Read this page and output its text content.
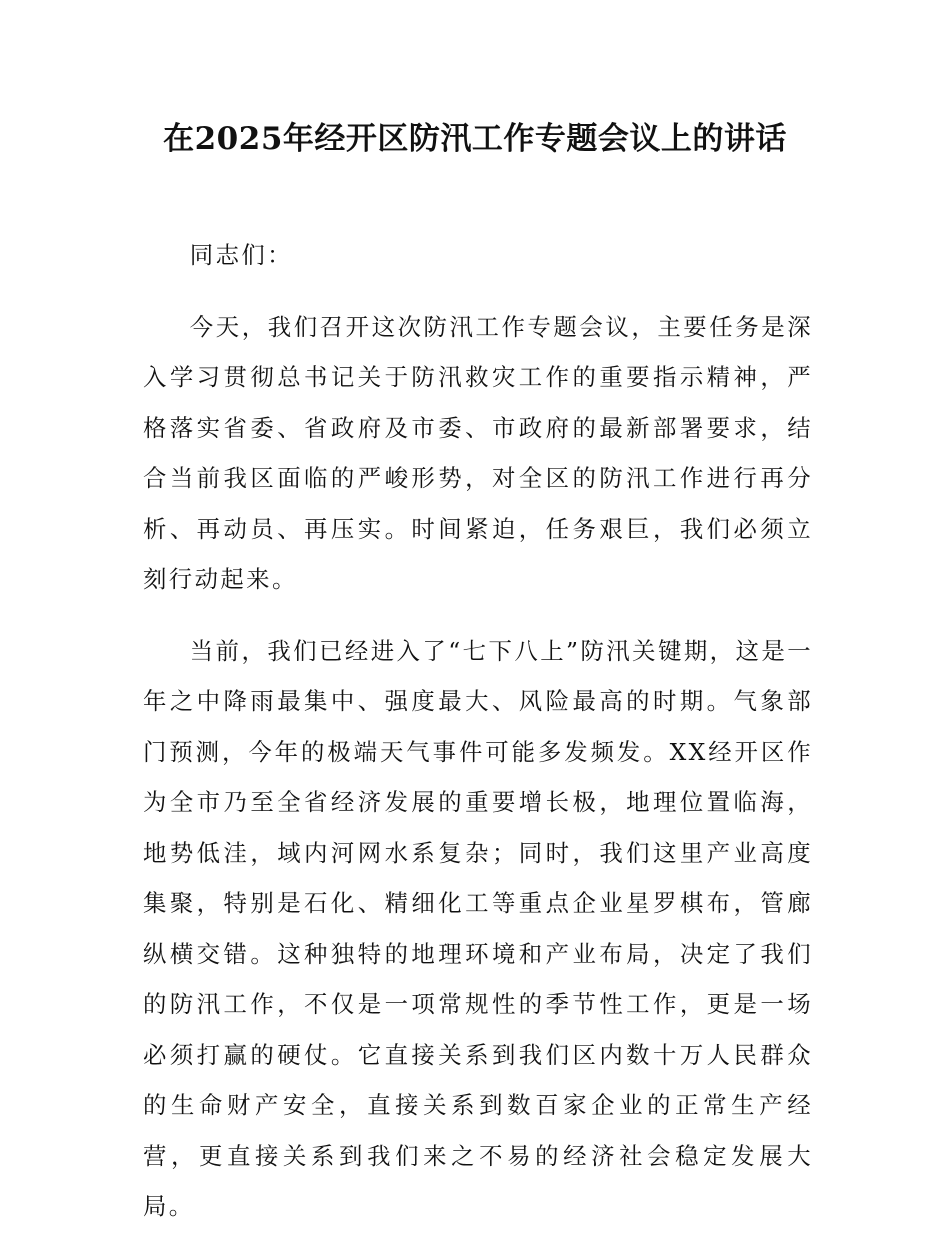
在2025年经开区防汛工作专题会议上的讲话

同志们：

今天，我们召开这次防汛工作专题会议，主要任务是深入学习贯彻总书记关于防汛救灾工作的重要指示精神，严格落实省委、省政府及市委、市政府的最新部署要求，结合当前我区面临的严峻形势，对全区的防汛工作进行再分析、再动员、再压实。时间紧迫，任务艰巨，我们必须立刻行动起来。

当前，我们已经进入了“七下八上”防汛关键期，这是一年之中降雨最集中、强度最大、风险最高的时期。气象部门预测，今年的极端天气事件可能多发频发。XX经开区作为全市乃至全省经济发展的重要增长极，地理位置临海，地势低洼，域内河网水系复杂；同时，我们这里产业高度集聚，特别是石化、精细化工等重点企业星罗棋布，管廊纵横交错。这种独特的地理环境和产业布局，决定了我们的防汛工作，不仅是一项常规性的季节性工作，更是一场必须打赢的硬仗。它直接关系到我们区内数十万人民群众的生命财产安全，直接关系到数百家企业的正常生产经营，更直接关系到我们来之不易的经济社会稳定发展大局。
